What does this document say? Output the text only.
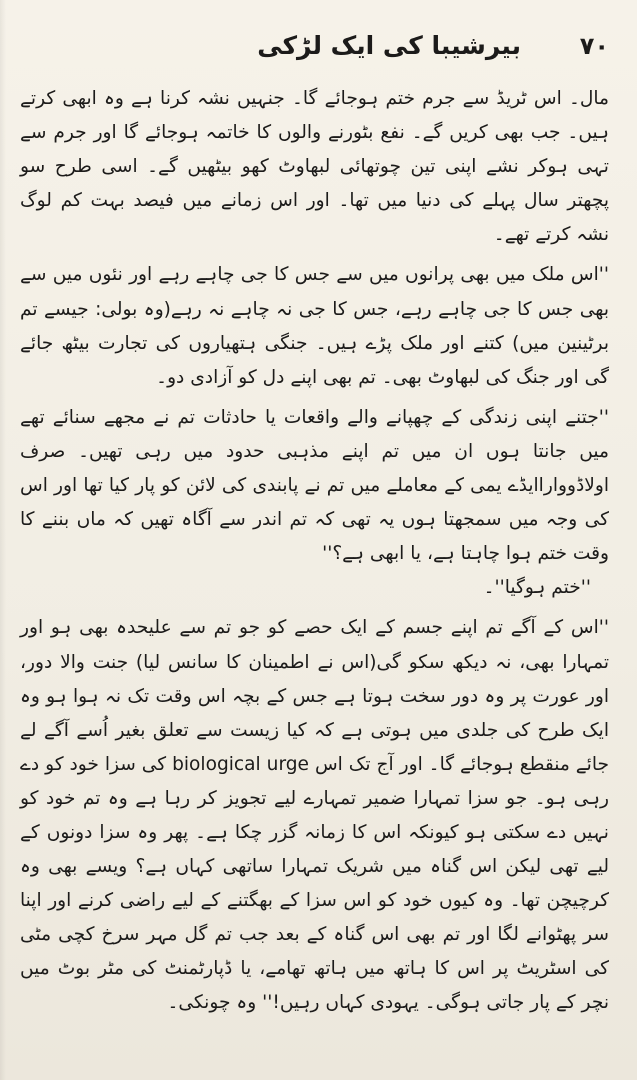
۷۰
بیرشیبا کی ایک لڑکی

مال۔ اس ٹریڈ سے جرم ختم ہوجائے گا۔ جنہیں نشہ کرنا ہے وہ ابھی کرتے ہیں۔ جب بھی کریں گے۔ نفع بٹورنے والوں کا خاتمہ ہوجائے گا اور جرم سے تہی ہوکر نشے اپنی تین چوتھائی لبھاوٹ کھو بیٹھیں گے۔ اسی طرح سو پچھتر سال پہلے کی دنیا میں تھا۔ اور اس زمانے میں فیصد بہت کم لوگ نشہ کرتے تھے۔

''اس ملک میں بھی پرانوں میں سے جس کا جی چاہے رہے اور نئوں میں سے بھی جس کا جی چاہے رہے، جس کا جی نہ چاہے نہ رہے(وہ بولی: جیسے تم برٹینین میں) کتنے اور ملک پڑے ہیں۔ جنگی ہتھیاروں کی تجارت بیٹھ جائے گی اور جنگ کی لبھاوٹ بھی۔ تم بھی اپنے دل کو آزادی دو۔

''جتنے اپنی زندگی کے چھپانے والے واقعات یا حادثات تم نے مجھے سنائے تھے میں جانتا ہوں ان میں تم اپنے مذہبی حدود میں رہی تھیں۔ صرف اولاڈوواراایڈے یمی کے معاملے میں تم نے پابندی کی لائن کو پار کیا تھا اور اس کی وجہ میں سمجھتا ہوں یہ تھی کہ تم اندر سے آگاہ تھیں کہ ماں بننے کا وقت ختم ہوا چاہتا ہے، یا ابھی ہے؟''

''ختم ہوگیا''۔

''اس کے آگے تم اپنے جسم کے ایک حصے کو جو تم سے علیحدہ بھی ہو اور تمہارا بھی، نہ دیکھ سکو گی(اس نے اطمینان کا سانس لیا) جنت والا دور، اور عورت پر وہ دور سخت ہوتا ہے جس کے بچہ اس وقت تک نہ ہوا ہو وہ ایک طرح کی جلدی میں ہوتی ہے کہ کیا زیست سے تعلق بغیر اُسے آگے لے جائے منقطع ہوجائے گا۔ اور آج تک اس biological urge کی سزا خود کو دے رہی ہو۔ جو سزا تمہارا ضمیر تمہارے لیے تجویز کر رہا ہے وہ تم خود کو نہیں دے سکتی ہو کیونکہ اس کا زمانہ گزر چکا ہے۔ پھر وہ سزا دونوں کے لیے تھی لیکن اس گناہ میں شریک تمہارا ساتھی کہاں ہے؟ ویسے بھی وہ کرچیچن تھا۔ وہ کیوں خود کو اس سزا کے بھگتنے کے لیے راضی کرنے اور اپنا سر پھٹوانے لگا اور تم بھی اس گناہ کے بعد جب تم گل مہر سرخ کچی مٹی کی اسٹریٹ پر اس کا ہاتھ میں ہاتھ تھامے، یا ڈپارٹمنٹ کی مٹر بوٹ میں نچر کے پار جاتی ہوگی۔ یہودی کہاں رہیں!'' وہ چونکی۔
